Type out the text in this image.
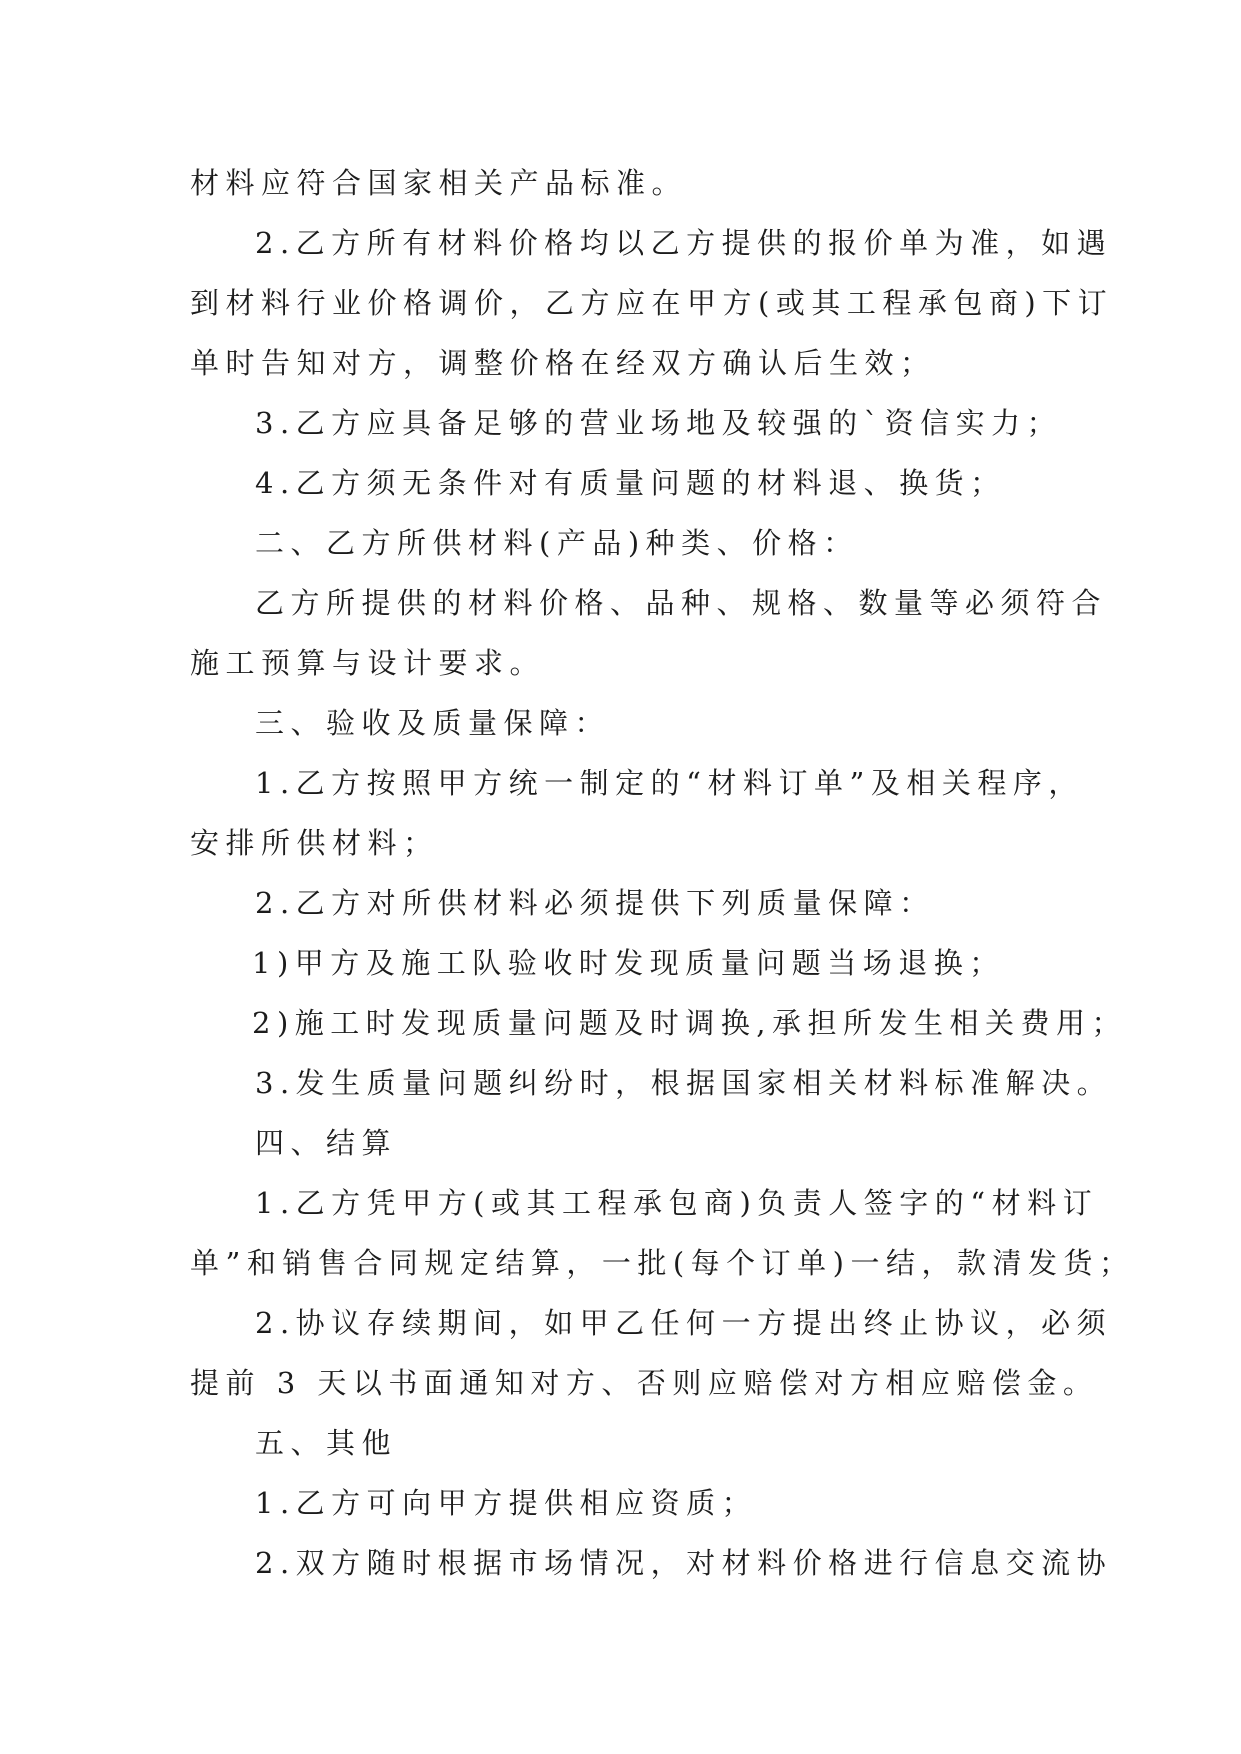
材料应符合国家相关产品标准。
2.乙方所有材料价格均以乙方提供的报价单为准，如遇
到材料行业价格调价，乙方应在甲方(或其工程承包商)下订
单时告知对方，调整价格在经双方确认后生效；
3.乙方应具备足够的营业场地及较强的`资信实力；
4.乙方须无条件对有质量问题的材料退、换货；
二、乙方所供材料(产品)种类、价格：
乙方所提供的材料价格、品种、规格、数量等必须符合
施工预算与设计要求。
三、验收及质量保障：
1.乙方按照甲方统一制定的“材料订单”及相关程序，
安排所供材料；
2.乙方对所供材料必须提供下列质量保障：
1)甲方及施工队验收时发现质量问题当场退换；
2)施工时发现质量问题及时调换,承担所发生相关费用；
3.发生质量问题纠纷时，根据国家相关材料标准解决。
四、结算
1.乙方凭甲方(或其工程承包商)负责人签字的“材料订
单”和销售合同规定结算，一批(每个订单)一结，款清发货；
2.协议存续期间，如甲乙任何一方提出终止协议，必须
提前 3 天以书面通知对方、否则应赔偿对方相应赔偿金。
五、其他
1.乙方可向甲方提供相应资质；
2.双方随时根据市场情况，对材料价格进行信息交流协
